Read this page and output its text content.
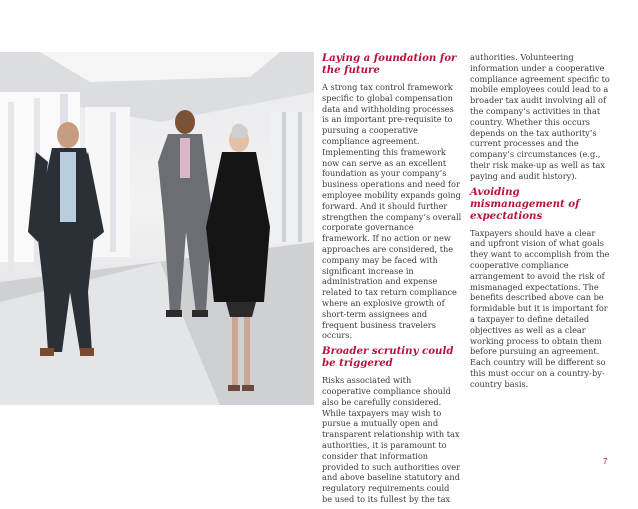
Laying a foundation for the future

A strong tax control framework specific to global compensation data and withholding processes is an important pre-requisite to pursuing a cooperative compliance agreement. Implementing this framework now can serve as an excellent foundation as your company’s business operations and need for employee mobility expands going forward. And it should further strengthen the company’s overall corporate governance framework. If no action or new approaches are considered, the company may be faced with significant increase in administration and expense related to tax return compliance where an explosive growth of short-term assignees and frequent business travelers occurs.

Broader scrutiny could be triggered

Risks associated with cooperative compliance should also be carefully considered. While taxpayers may wish to pursue a mutually open and transparent relationship with tax authorities, it is paramount to consider that information provided to such authorities over and above baseline statutory and regulatory requirements could be used to its fullest by the tax

authorities. Volunteering information under a cooperative compliance agreement specific to mobile employees could lead to a broader tax audit involving all of the company’s activities in that country. Whether this occurs depends on the tax authority’s current processes and the company’s circumstances (e.g., their risk make-up as well as tax paying and audit history).

Avoiding mismanagement of expectations

Taxpayers should have a clear and upfront vision of what goals they want to accomplish from the cooperative compliance arrangement to avoid the risk of mismanaged expectations. The benefits described above can be formidable but it is important for a taxpayer to define detailed objectives as well as a clear working process to obtain them before pursuing an agreement. Each country will be different so this must occur on a country-by-country basis.

7
